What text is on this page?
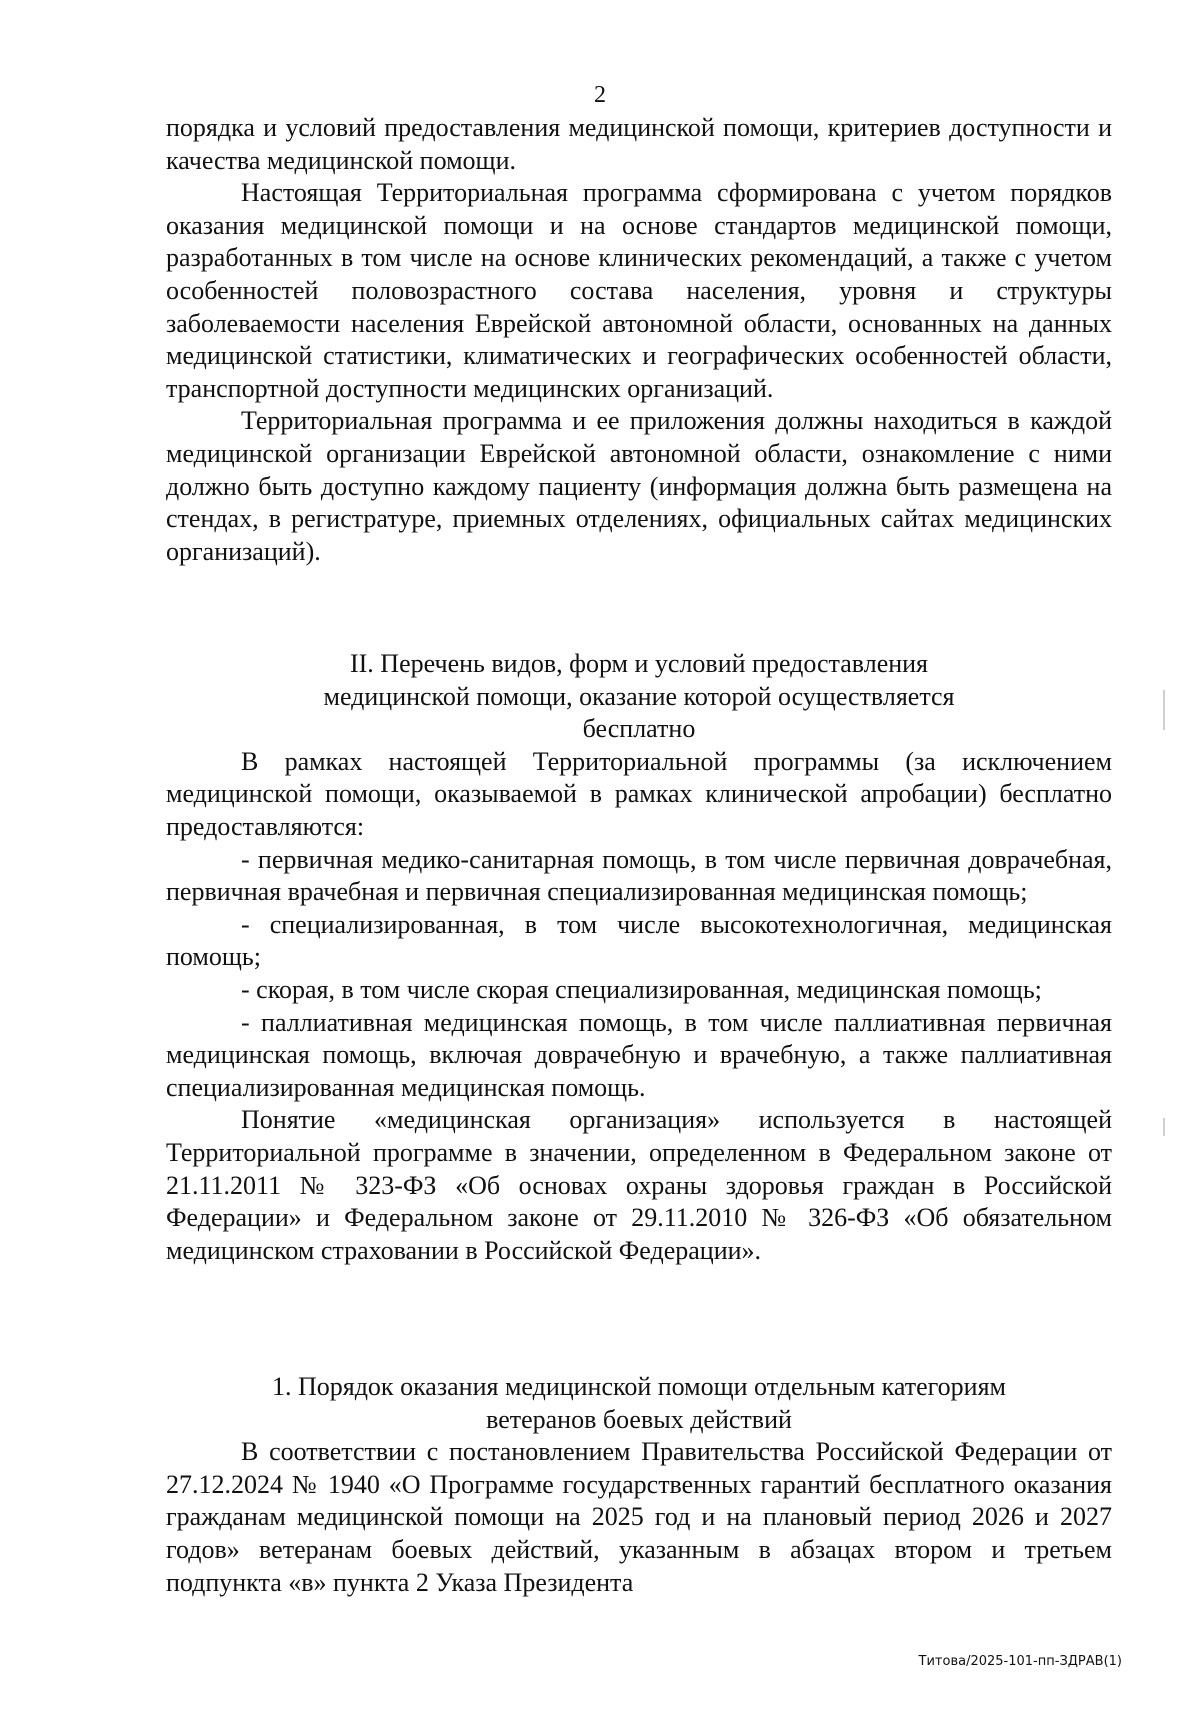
2

порядка и условий предоставления медицинской помощи, критериев доступности и качества медицинской помощи.

Настоящая Территориальная программа сформирована с учетом порядков оказания медицинской помощи и на основе стандартов медицинской помощи, разработанных в том числе на основе клинических рекомендаций, а также с учетом особенностей половозрастного состава населения, уровня и структуры заболеваемости населения Еврейской автономной области, основанных на данных медицинской статистики, климатических и географических особенностей области, транспортной доступности медицинских организаций.

Территориальная программа и ее приложения должны находиться в каждой медицинской организации Еврейской автономной области, ознакомление с ними должно быть доступно каждому пациенту (информация должна быть размещена на стендах, в регистратуре, приемных отделениях, официальных сайтах медицинских организаций).

II. Перечень видов, форм и условий предоставления

медицинской помощи, оказание которой осуществляется

бесплатно

В рамках настоящей Территориальной программы (за исключением медицинской помощи, оказываемой в рамках клинической апробации) бесплатно предоставляются:

- первичная медико-санитарная помощь, в том числе первичная доврачебная, первичная врачебная и первичная специализированная медицинская помощь;

- специализированная, в том числе высокотехнологичная, медицинская помощь;

- скорая, в том числе скорая специализированная, медицинская помощь;

- паллиативная медицинская помощь, в том числе паллиативная первичная медицинская помощь, включая доврачебную и врачебную, а также паллиативная специализированная медицинская помощь.

Понятие «медицинская организация» используется в настоящей Территориальной программе в значении, определенном в Федеральном законе от 21.11.2011 № 323-ФЗ «Об основах охраны здоровья граждан в Российской Федерации» и Федеральном законе от 29.11.2010 № 326-ФЗ «Об обязательном медицинском страховании в Российской Федерации».

1. Порядок оказания медицинской помощи отдельным категориям

ветеранов боевых действий

В соответствии с постановлением Правительства Российской Федерации от 27.12.2024 № 1940 «О Программе государственных гарантий бесплатного оказания гражданам медицинской помощи на 2025 год и на плановый период 2026 и 2027 годов» ветеранам боевых действий, указанным в абзацах втором и третьем подпункта «в» пункта 2 Указа Президента

Титова/2025-101-пп-ЗДРАВ(1)
